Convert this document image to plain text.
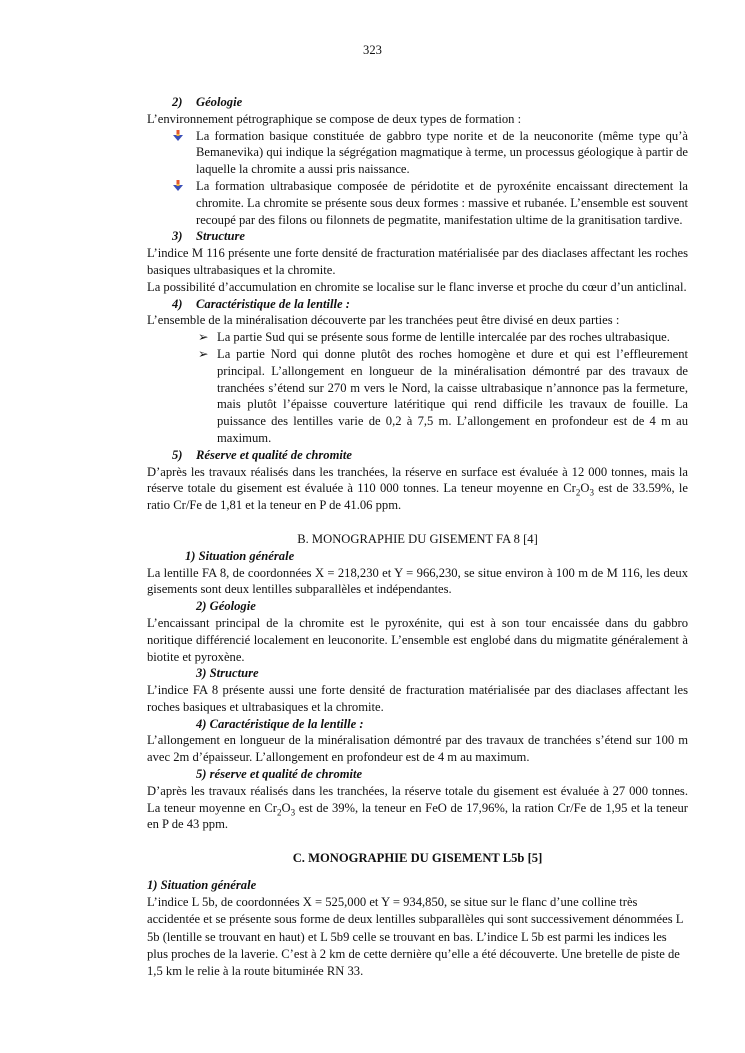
323

2) Géologie

L’environnement pétrographique se compose de deux types de formation :

La formation basique constituée de gabbro type norite et de la neuconorite (même type qu’à Bemanevika) qui indique la ségrégation magmatique à terme, un processus géologique à partir de laquelle la chromite a aussi pris naissance.
La formation ultrabasique composée de péridotite et de pyroxénite encaissant directement la chromite. La chromite se présente sous deux formes : massive et rubanée. L’ensemble est souvent recoupé par des filons ou filonnets de pegmatite, manifestation ultime de la granitisation tardive.

3) Structure

L’indice M 116 présente une forte densité de fracturation matérialisée par des diaclases affectant les roches basiques ultrabasiques et la chromite.

La possibilité d’accumulation en chromite se localise sur le flanc inverse et proche du cœur d’un anticlinal.

4) Caractéristique de la lentille :

L’ensemble de la minéralisation découverte par les tranchées peut être divisé en deux parties :

➢ La partie Sud qui se présente sous forme de lentille intercalée par des roches ultrabasique.
➢ La partie Nord qui donne plutôt des roches homogène et dure et qui est l’effleurement principal. L’allongement en longueur de la minéralisation démontré par des travaux de tranchées s’étend sur 270 m vers le Nord, la caisse ultrabasique n’annonce pas la fermeture, mais plutôt l’épaisse couverture latéritique qui rend difficile les travaux de fouille. La puissance des lentilles varie de 0,2 à 7,5 m. L’allongement en profondeur est de 4 m au maximum.

5) Réserve et qualité de chromite

D’après les travaux réalisés dans les tranchées, la réserve en surface est évaluée à 12 000 tonnes, mais la réserve totale du gisement est évaluée à 110 000 tonnes. La teneur moyenne en $Cr_2O_3$ est de 33.59%, le ratio Cr/Fe de 1,81 et la teneur en P de 41.06 ppm.

B. MONOGRAPHIE DU GISEMENT FA 8 [4]

1) Situation générale

La lentille FA 8, de coordonnées X = 218,230 et Y = 966,230, se situe environ à 100 m de M 116, les deux gisements sont deux lentilles subparallèles et indépendantes.

2) Géologie

L’encaissant principal de la chromite est le pyroxénite, qui est à son tour encaissée dans du gabbro noritique différencié localement en leuconorite. L’ensemble est englobé dans du migmatite généralement à biotite et pyroxène.

3) Structure

L’indice FA 8 présente aussi une forte densité de fracturation matérialisée par des diaclases affectant les roches basiques et ultrabasiques et la chromite.

4) Caractéristique de la lentille :

L’allongement en longueur de la minéralisation démontré par des travaux de tranchées s’étend sur 100 m avec 2m d’épaisseur. L’allongement en profondeur est de 4 m au maximum.

5) réserve et qualité de chromite

D’après les travaux réalisés dans les tranchées, la réserve totale du gisement est évaluée à 27 000 tonnes. La teneur moyenne en $Cr_2O_3$ est de 39%, la teneur en FeO de 17,96%, la ration Cr/Fe de 1,95 et la teneur en P de 43 ppm.

C. MONOGRAPHIE DU GISEMENT L5b [5]

1) Situation générale

L’indice L 5b, de coordonnées X = 525,000 et Y = 934,850, se situe sur le flanc d’une colline très accidentée et se présente sous forme de deux lentilles subparallèles qui sont successivement dénommées L 5b (lentille se trouvant en haut) et L 5b9 celle se trouvant en bas. L’indice L 5b est parmi les indices les plus proches de la laverie. C’est à 2 km de cette dernière qu’elle a été découverte. Une bretelle de piste de 1,5 km le relie à la route bitumінée RN 33.
